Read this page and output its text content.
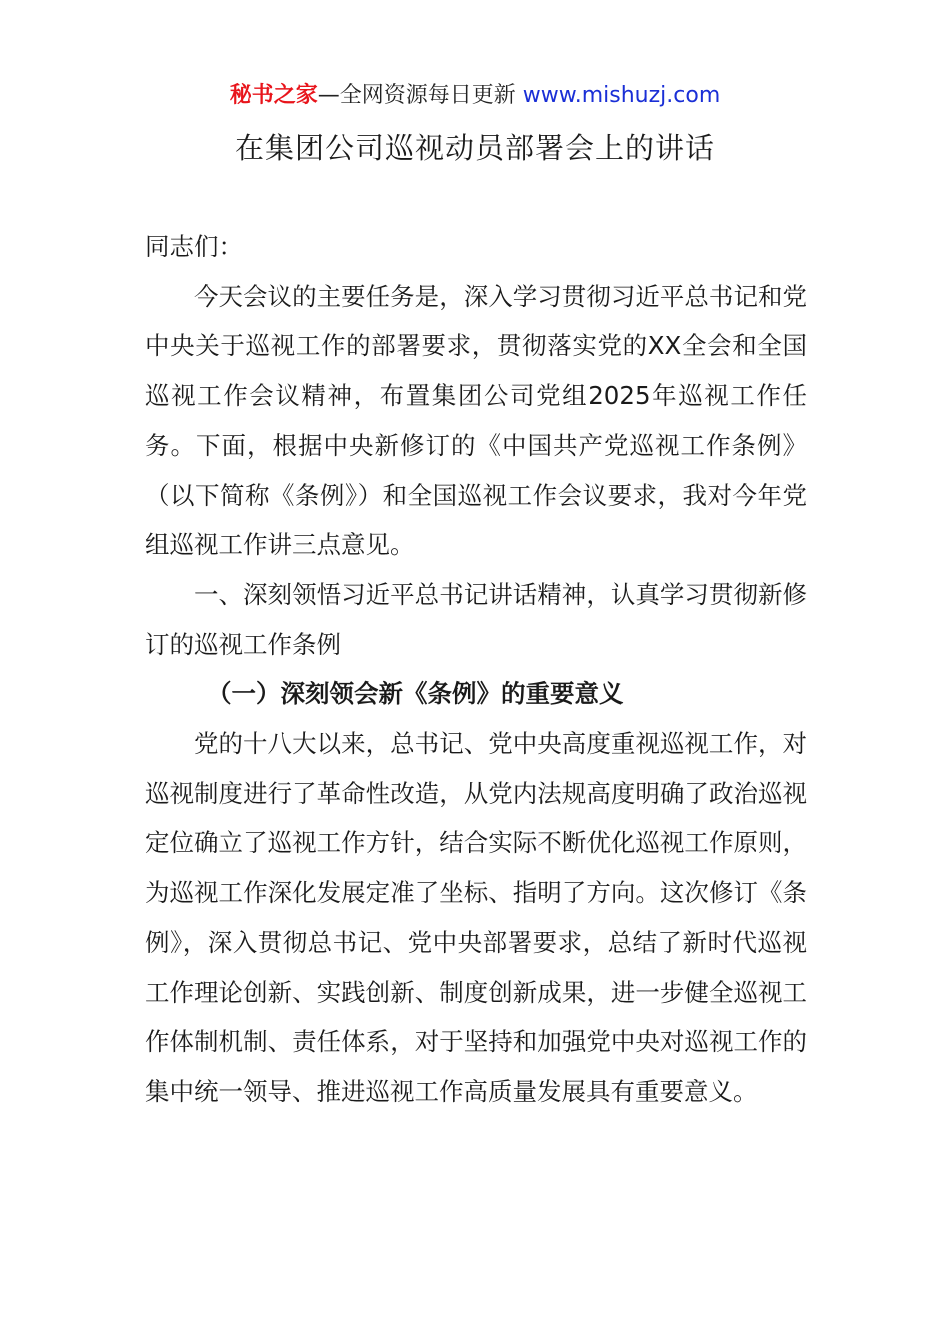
秘书之家—全网资源每日更新 www.mishuzj.com
在集团公司巡视动员部署会上的讲话

同志们：

今天会议的主要任务是，深入学习贯彻习近平总书记和党中央关于巡视工作的部署要求，贯彻落实党的XX全会和全国巡视工作会议精神，布置集团公司党组2025年巡视工作任务。下面，根据中央新修订的《中国共产党巡视工作条例》（以下简称《条例》）和全国巡视工作会议要求，我对今年党组巡视工作讲三点意见。

一、深刻领悟习近平总书记讲话精神，认真学习贯彻新修订的巡视工作条例

（一）深刻领会新《条例》的重要意义

党的十八大以来，总书记、党中央高度重视巡视工作，对巡视制度进行了革命性改造，从党内法规高度明确了政治巡视定位确立了巡视工作方针，结合实际不断优化巡视工作原则，为巡视工作深化发展定准了坐标、指明了方向。这次修订《条例》，深入贯彻总书记、党中央部署要求，总结了新时代巡视工作理论创新、实践创新、制度创新成果，进一步健全巡视工作体制机制、责任体系，对于坚持和加强党中央对巡视工作的集中统一领导、推进巡视工作高质量发展具有重要意义。
